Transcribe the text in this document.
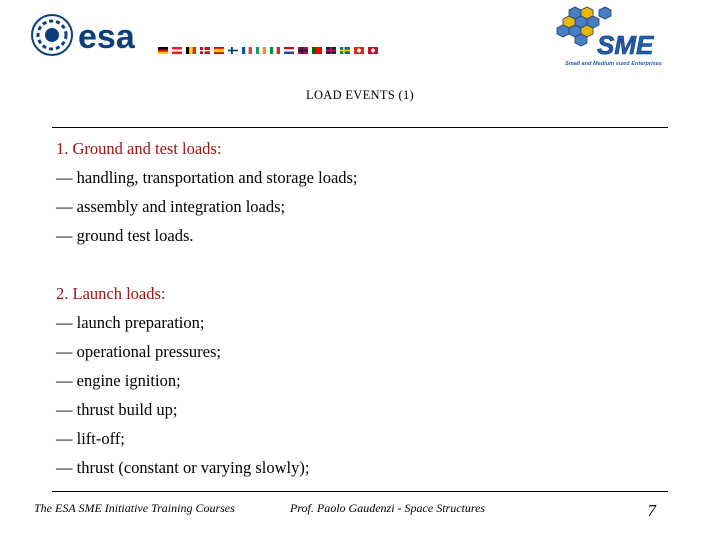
esa	SME
Small and Medium sized Enterprises
LOAD EVENTS (1)
1. Ground and test loads:
— handling, transportation and storage loads;
— assembly and integration loads;
— ground test loads.
2. Launch loads:
— launch preparation;
— operational pressures;
— engine ignition;
— thrust build up;
— lift-off;
— thrust (constant or varying slowly);
The ESA SME Initiative Training Courses	Prof. Paolo Gaudenzi - Space Structures	7
